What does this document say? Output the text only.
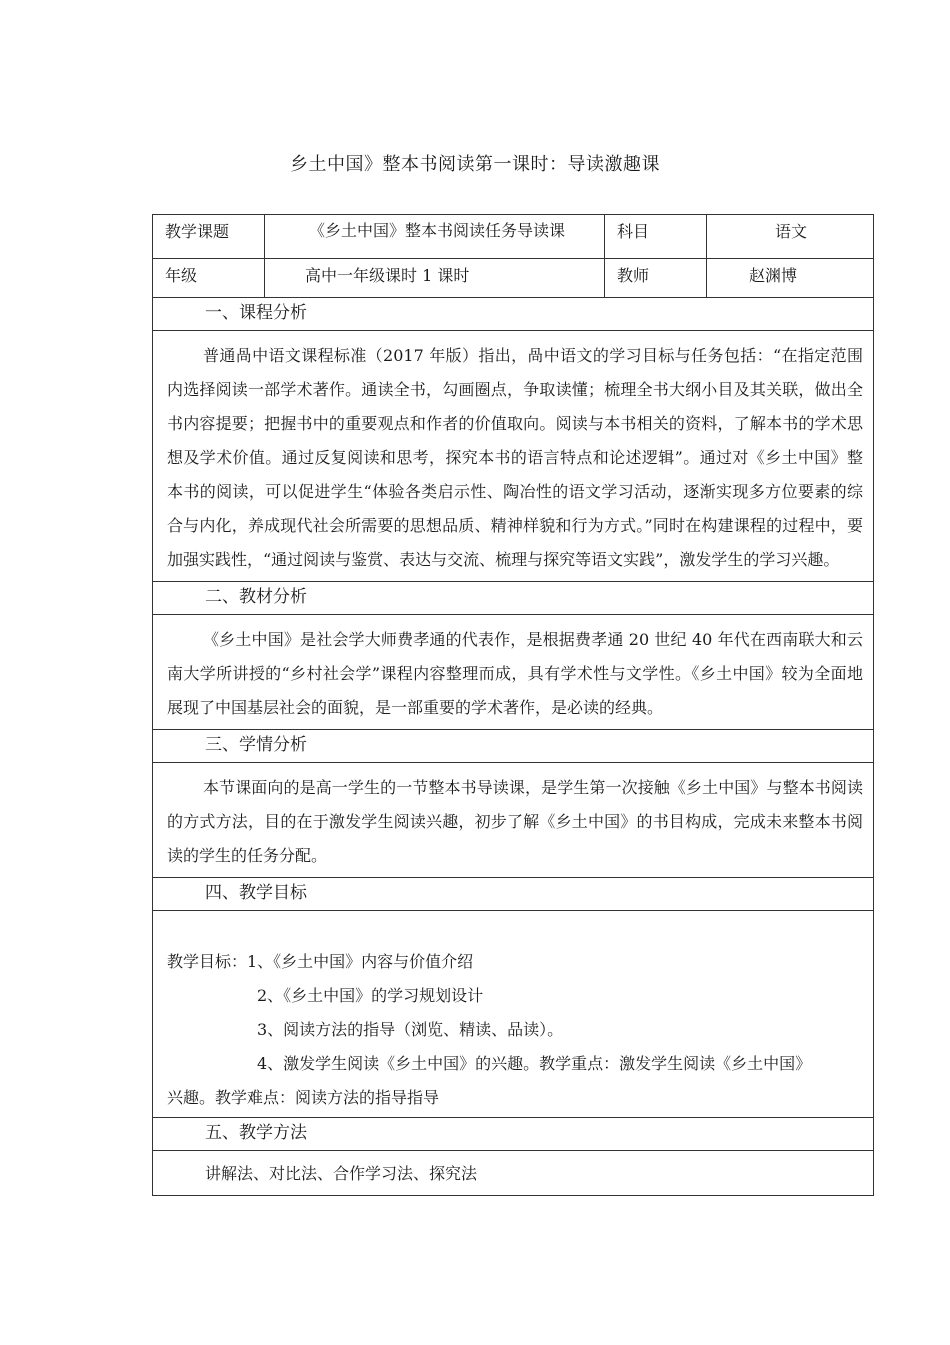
乡土中国》整本书阅读第一课时：导读激趣课
教学课题	《乡土中国》整本书阅读任务导读课	科目	语文

年级	高中一年级课时 1 课时	教师	赵渊博

一、课程分析			

普通咼中语文课程标准（2017 年版）指出，咼中语文的学习目标与任务包括：“在指定范围内选择阅读一部学术著作。通读全书，勾画圈点，争取读懂；梳理全书大纲小目及其关联，做出全书内容提要；把握书中的重要观点和作者的价值取向。阅读与本书相关的资料，了解本书的学术思想及学术价值。通过反复阅读和思考，探究本书的语言特点和论述逻辑”。通过对《乡土中国》整本书的阅读，可以促进学生“体验各类启示性、陶冶性的语文学习活动，逐渐实现多方位要素的综合与内化，养成现代社会所需要的思想品质、精神样貌和行为方式。”同时在构建课程的过程中，要加强实践性，“通过阅读与鉴赏、表达与交流、梳理与探究等语文实践”，激发学生的学习兴趣。			

二、教材分析			

《乡土中国》是社会学大师费孝通的代表作，是根据费孝通 20 世纪 40 年代在西南联大和云南大学所讲授的“乡村社会学”课程内容整理而成，具有学术性与文学性。《乡土中国》较为全面地展现了中国基层社会的面貌，是一部重要的学术著作，是必读的经典。			

三、学情分析			

本节课面向的是高一学生的一节整本书导读课，是学生第一次接触《乡土中国》与整本书阅读的方式方法，目的在于激发学生阅读兴趣，初步了解《乡土中国》的书目构成，完成未来整本书阅读的学生的任务分配。			

四、教学目标			

教学目标：1、《乡土中国》内容与价值介绍
2、《乡土中国》的学习规划设计
3、阅读方法的指导（浏览、精读、品读）。
4、激发学生阅读《乡土中国》的兴趣。教学重点：激发学生阅读《乡土中国》
兴趣。教学难点：阅读方法的指导指导			

五、教学方法			

讲解法、对比法、合作学习法、探究法			
